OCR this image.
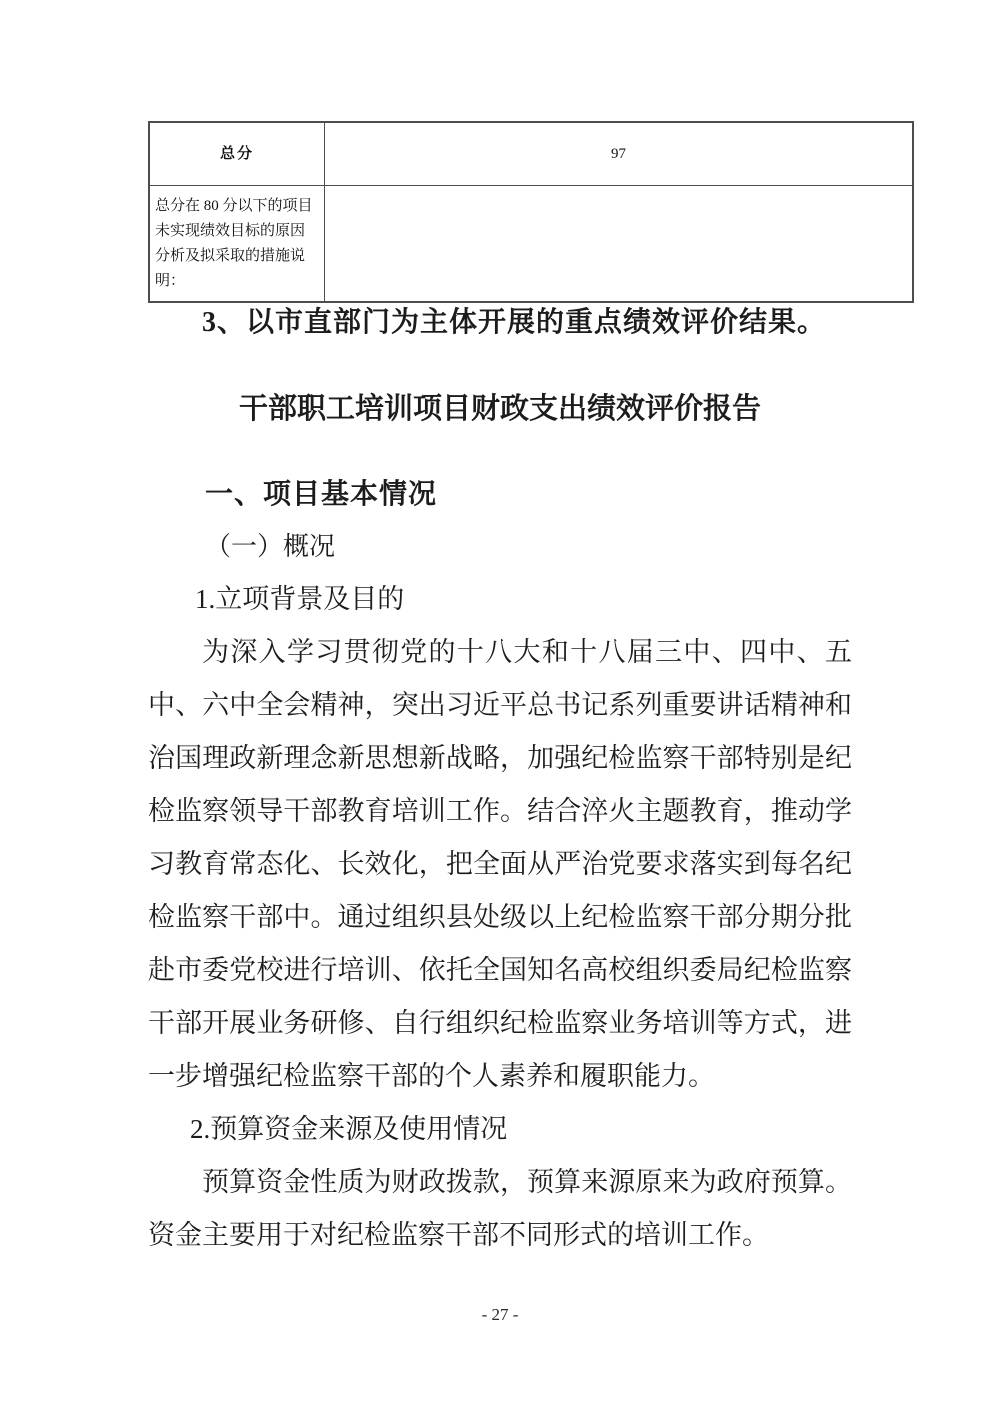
总分	97
总分在 80 分以下的项目未实现绩效目标的原因分析及拟采取的措施说明：	
3、以市直部门为主体开展的重点绩效评价结果。
干部职工培训项目财政支出绩效评价报告
一、项目基本情况
（一）概况
1.立项背景及目的

为深入学习贯彻党的十八大和十八届三中、四中、五中、六中全会精神，突出习近平总书记系列重要讲话精神和治国理政新理念新思想新战略，加强纪检监察干部特别是纪检监察领导干部教育培训工作。结合淬火主题教育，推动学习教育常态化、长效化，把全面从严治党要求落实到每名纪检监察干部中。通过组织县处级以上纪检监察干部分期分批赴市委党校进行培训、依托全国知名高校组织委局纪检监察干部开展业务研修、自行组织纪检监察业务培训等方式，进一步增强纪检监察干部的个人素养和履职能力。

2.预算资金来源及使用情况

预算资金性质为财政拨款，预算来源原来为政府预算。资金主要用于对纪检监察干部不同形式的培训工作。

- 27 -
